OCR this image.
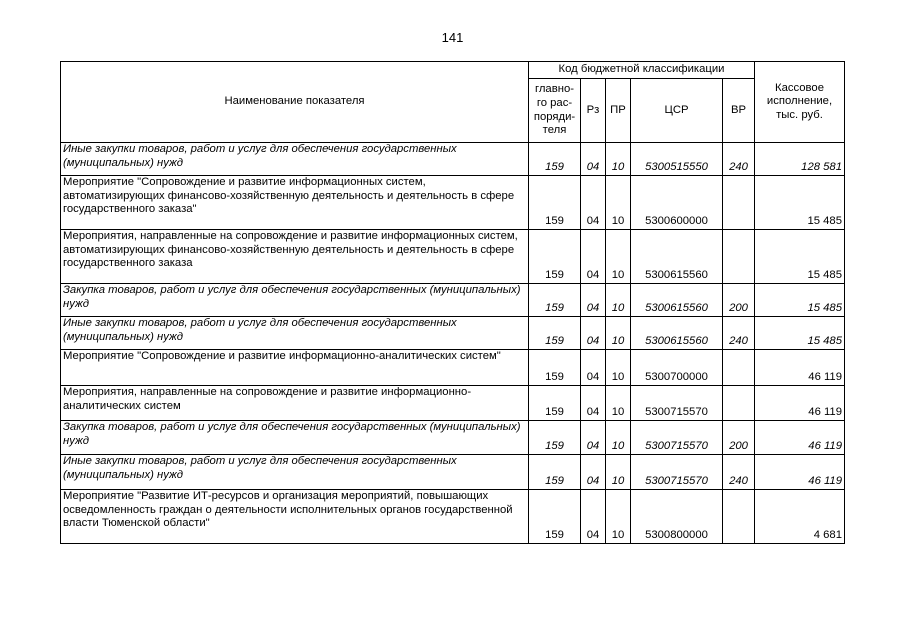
141
Наименование показателя	Код бюджетной классификации					Кассовое исполнение, тыс. руб.
	главно-го рас-поряди-теля	Рз	ПР	ЦСР	ВР	
Иные закупки товаров, работ и услуг для обеспечения государственных (муниципальных) нужд	159	04	10	5300515550	240	128 581
Мероприятие "Сопровождение и развитие информационных систем, автоматизирующих финансово-хозяйственную деятельность и деятельность в сфере государственного заказа"	159	04	10	5300600000		15 485
Мероприятия, направленные на сопровождение и развитие информационных систем, автоматизирующих финансово-хозяйственную деятельность и деятельность в сфере государственного заказа	159	04	10	5300615560		15 485
Закупка товаров, работ и услуг для обеспечения государственных (муниципальных) нужд	159	04	10	5300615560	200	15 485
Иные закупки товаров, работ и услуг для обеспечения государственных (муниципальных) нужд	159	04	10	5300615560	240	15 485
Мероприятие "Сопровождение и развитие информационно-аналитических систем"	159	04	10	5300700000		46 119
Мероприятия, направленные на сопровождение и развитие информационно-аналитических систем	159	04	10	5300715570		46 119
Закупка товаров, работ и услуг для обеспечения государственных (муниципальных) нужд	159	04	10	5300715570	200	46 119
Иные закупки товаров, работ и услуг для обеспечения государственных (муниципальных) нужд	159	04	10	5300715570	240	46 119
Мероприятие "Развитие ИТ-ресурсов и организация мероприятий, повышающих осведомленность граждан о деятельности исполнительных органов государственной власти Тюменской области"	159	04	10	5300800000		4 681
